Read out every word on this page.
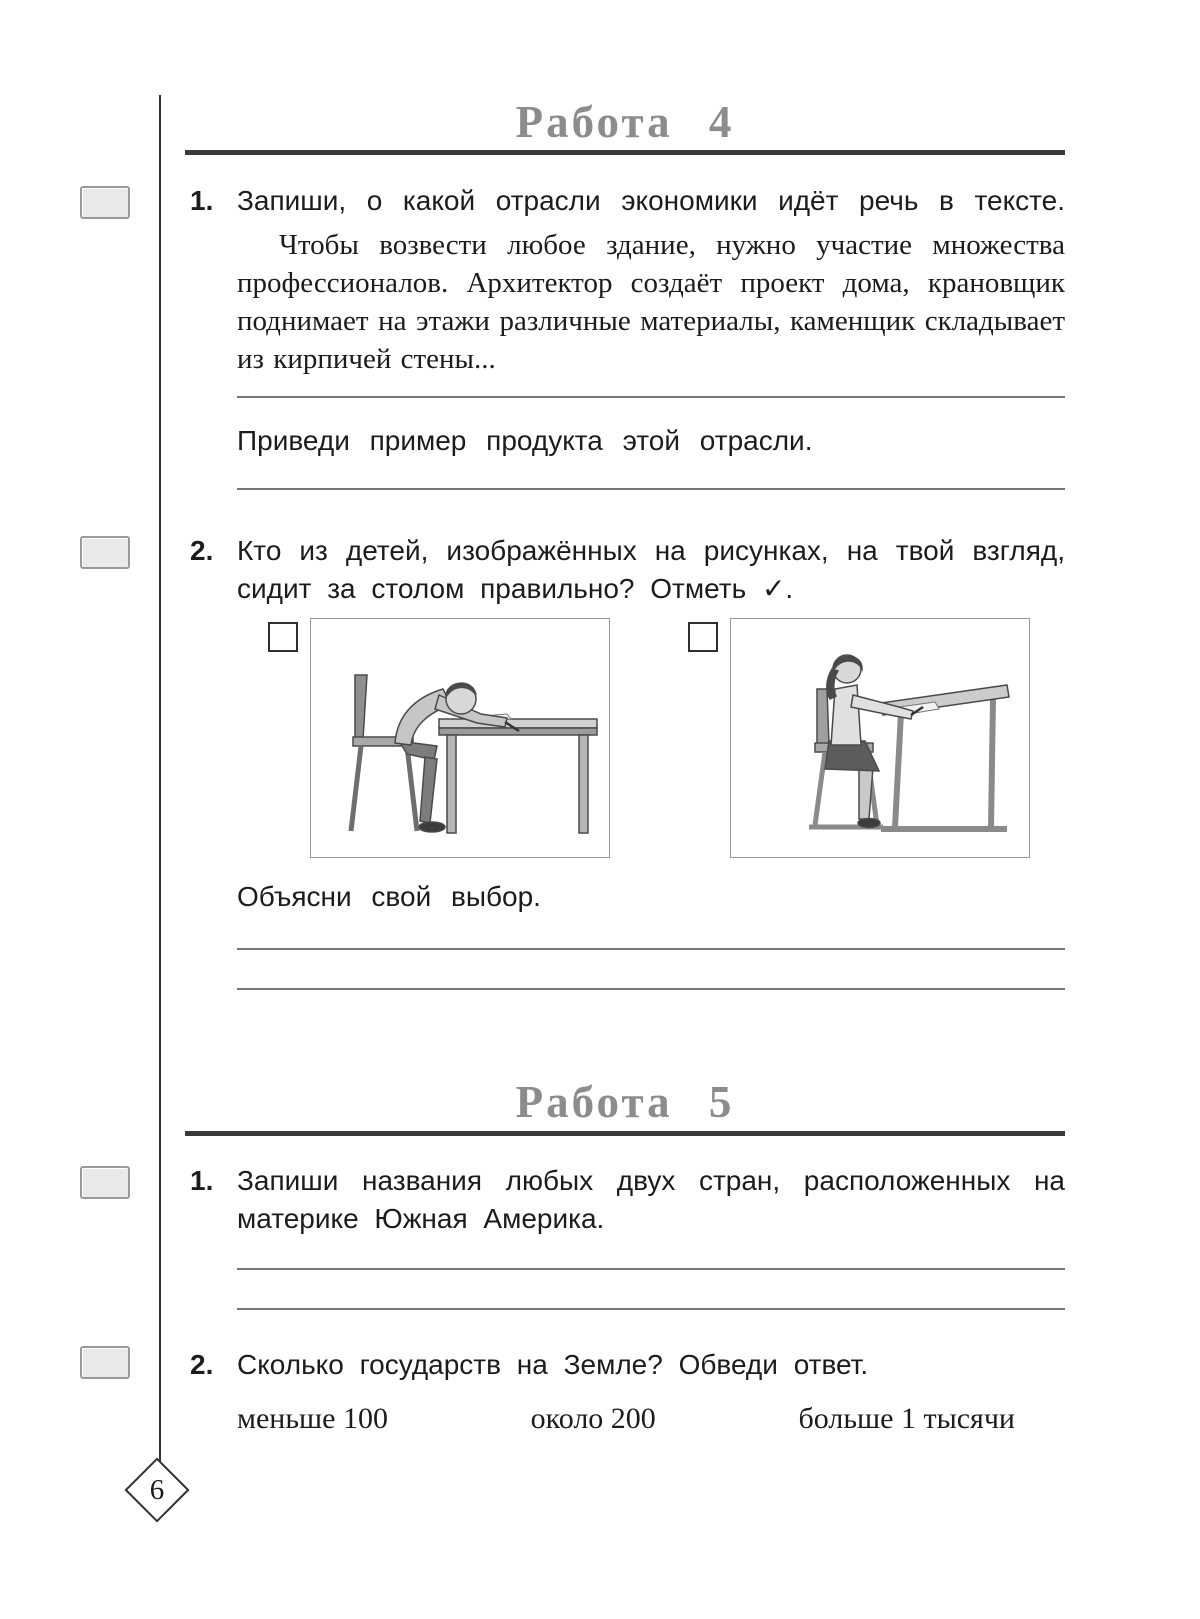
Работа 4
1. Запиши, о какой отрасли экономики идёт речь в тексте.
Чтобы возвести любое здание, нужно участие множества профессионалов. Архитектор создаёт проект дома, крановщик поднимает на этажи различные материалы, каменщик складывает из кирпичей стены...
Приведи пример продукта этой отрасли.
2. Кто из детей, изображённых на рисунках, на твой взгляд, сидит за столом правильно? Отметь ✓.
Объясни свой выбор.
Работа 5
1. Запиши названия любых двух стран, расположенных на материке Южная Америка.
2. Сколько государств на Земле? Обведи ответ.
меньше 100	около 200	больше 1 тысячи
6
